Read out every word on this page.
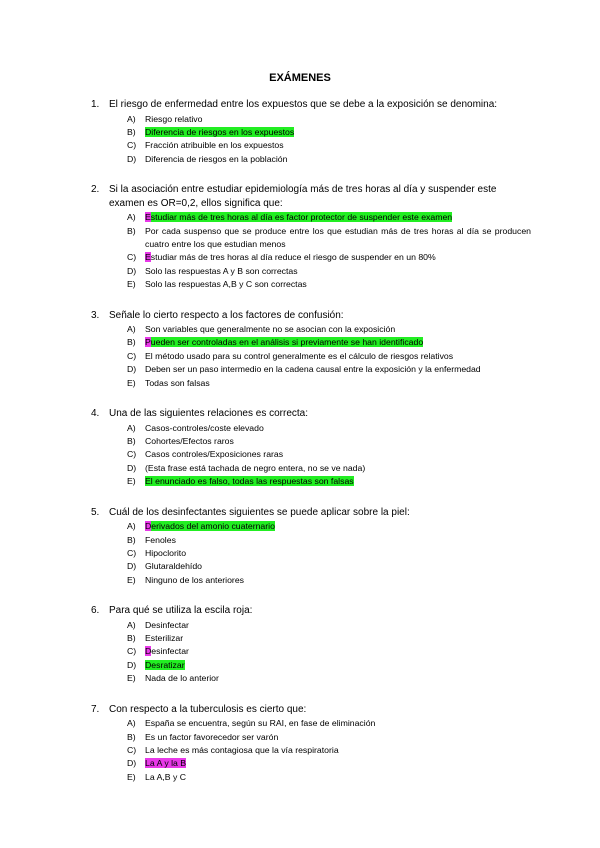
EXÁMENES
1. El riesgo de enfermedad entre los expuestos que se debe a la exposición se denomina:
A)	Riesgo relativo
B)	Diferencia de riesgos en los expuestos
C)	Fracción atribuible en los expuestos
D)	Diferencia de riesgos en la población
2. Si la asociación entre estudiar epidemiología más de tres horas al día y suspender este examen es OR=0,2, ellos significa que:
A)	Estudiar más de tres horas al día es factor protector de suspender este examen
B)	Por cada suspenso que se produce entre los que estudian más de tres horas al día se producen cuatro entre los que estudian menos
C)	Estudiar más de tres horas al día reduce el riesgo de suspender en un 80%
D)	Solo las respuestas A y B son correctas
E)	Solo las respuestas A,B y C son correctas
3. Señale lo cierto respecto a los factores de confusión:
A)	Son variables que generalmente no se asocian con la exposición
B)	Pueden ser controladas en el análisis si previamente se han identificado
C)	El método usado para su control generalmente es el cálculo de riesgos relativos
D)	Deben ser un paso intermedio en la cadena causal entre la exposición y la enfermedad
E)	Todas son falsas
4. Una de las siguientes relaciones es correcta:
A)	Casos-controles/coste elevado
B)	Cohortes/Efectos raros
C)	Casos controles/Exposiciones raras
D)	(Esta frase está tachada de negro entera, no se ve nada)
E)	El enunciado es falso, todas las respuestas son falsas
5. Cuál de los desinfectantes siguientes se puede aplicar sobre la piel:
A)	Derivados del amonio cuaternario
B)	Fenoles
C)	Hipoclorito
D)	Glutaraldehído
E)	Ninguno de los anteriores
6. Para qué se utiliza la escila roja:
A)	Desinfectar
B)	Esterilizar
C)	Desinfectar
D)	Desratizar
E)	Nada de lo anterior
7. Con respecto a la tuberculosis es cierto que:
A)	España se encuentra, según su RAI, en fase de eliminación
B)	Es un factor favorecedor ser varón
C)	La leche es más contagiosa que la vía respiratoria
D)	La A y la B
E)	La A,B y C
